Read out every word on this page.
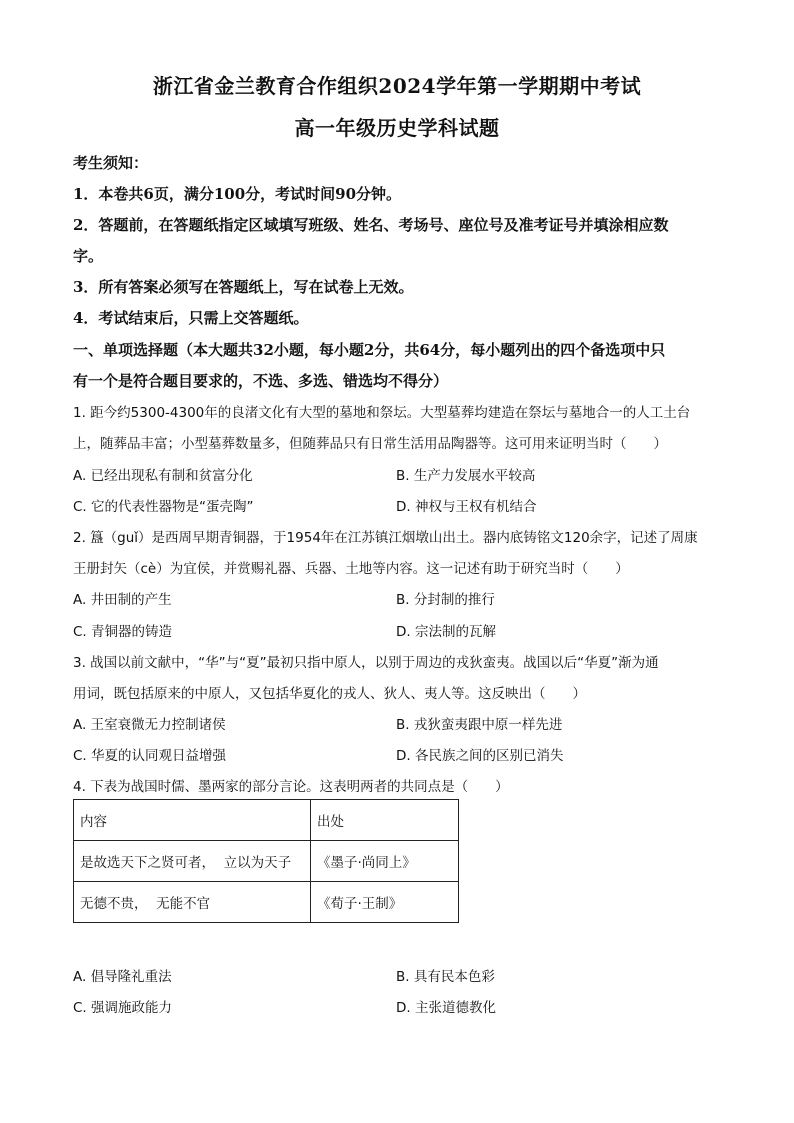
浙江省金兰教育合作组织2024学年第一学期期中考试
高一年级历史学科试题
考生须知：
1．本卷共6页，满分100分，考试时间90分钟。
2．答题前，在答题纸指定区域填写班级、姓名、考场号、座位号及准考证号并填涂相应数
字。
3．所有答案必须写在答题纸上，写在试卷上无效。
4．考试结束后，只需上交答题纸。
一、单项选择题（本大题共32小题，每小题2分，共64分，每小题列出的四个备选项中只
有一个是符合题目要求的，不选、多选、错选均不得分）
1. 距今约5300-4300年的良渚文化有大型的墓地和祭坛。大型墓葬均建造在祭坛与墓地合一的人工土台
上，随葬品丰富；小型墓葬数量多，但随葬品只有日常生活用品陶器等。这可用来证明当时（　　）
A. 已经出现私有制和贫富分化	B. 生产力发展水平较高
C. 它的代表性器物是“蛋壳陶”	D. 神权与王权有机结合
2. 簋（guǐ）是西周早期青铜器，于1954年在江苏镇江烟墩山出土。器内底铸铭文120余字，记述了周康
王册封矢（cè）为宜侯，并赏赐礼器、兵器、土地等内容。这一记述有助于研究当时（　　）
A. 井田制的产生	B. 分封制的推行
C. 青铜器的铸造	D. 宗法制的瓦解
3. 战国以前文献中，“华”与“夏”最初只指中原人，以别于周边的戎狄蛮夷。战国以后“华夏”渐为通
用词，既包括原来的中原人，又包括华夏化的戎人、狄人、夷人等。这反映出（　　）
A. 王室衰微无力控制诸侯	B. 戎狄蛮夷跟中原一样先进
C. 华夏的认同观日益增强	D. 各民族之间的区别已消失
4. 下表为战国时儒、墨两家的部分言论。这表明两者的共同点是（　　）
内容	出处
是故选天下之贤可者，  立以为天子	《墨子·尚同上》
无德不贵，  无能不官	《荀子·王制》
A. 倡导隆礼重法	B. 具有民本色彩
C. 强调施政能力	D. 主张道德教化
